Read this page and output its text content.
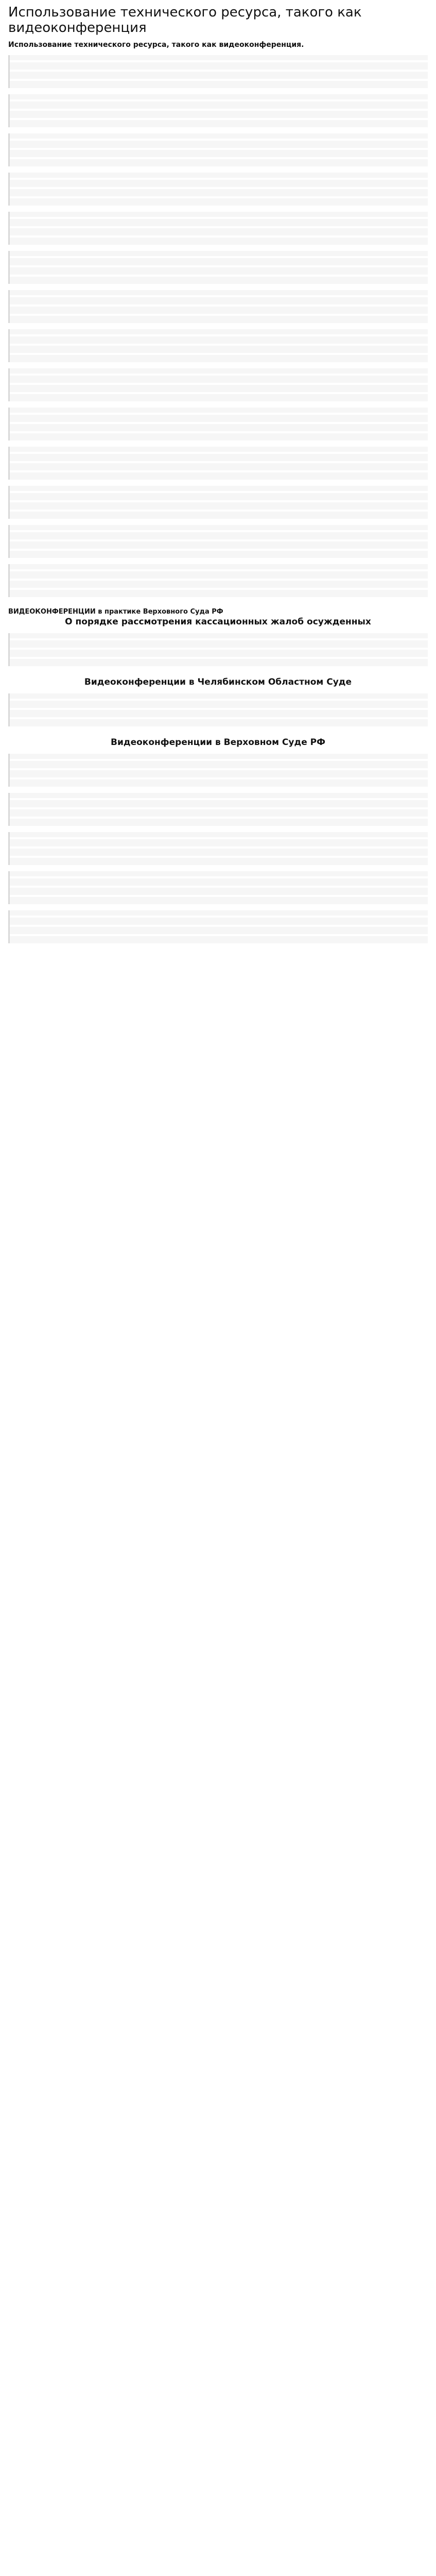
Использование технического ресурса, такого как видеоконференция
Использование технического ресурса, такого как видеоконференция.

ВИДЕОКОНФЕРЕНЦИИ в практике Верховного Суда РФ
О порядке рассмотрения кассационных жалоб осужденных

Видеоконференции в Челябинском Областном Суде

Видеоконференции в Верховном Суде РФ
